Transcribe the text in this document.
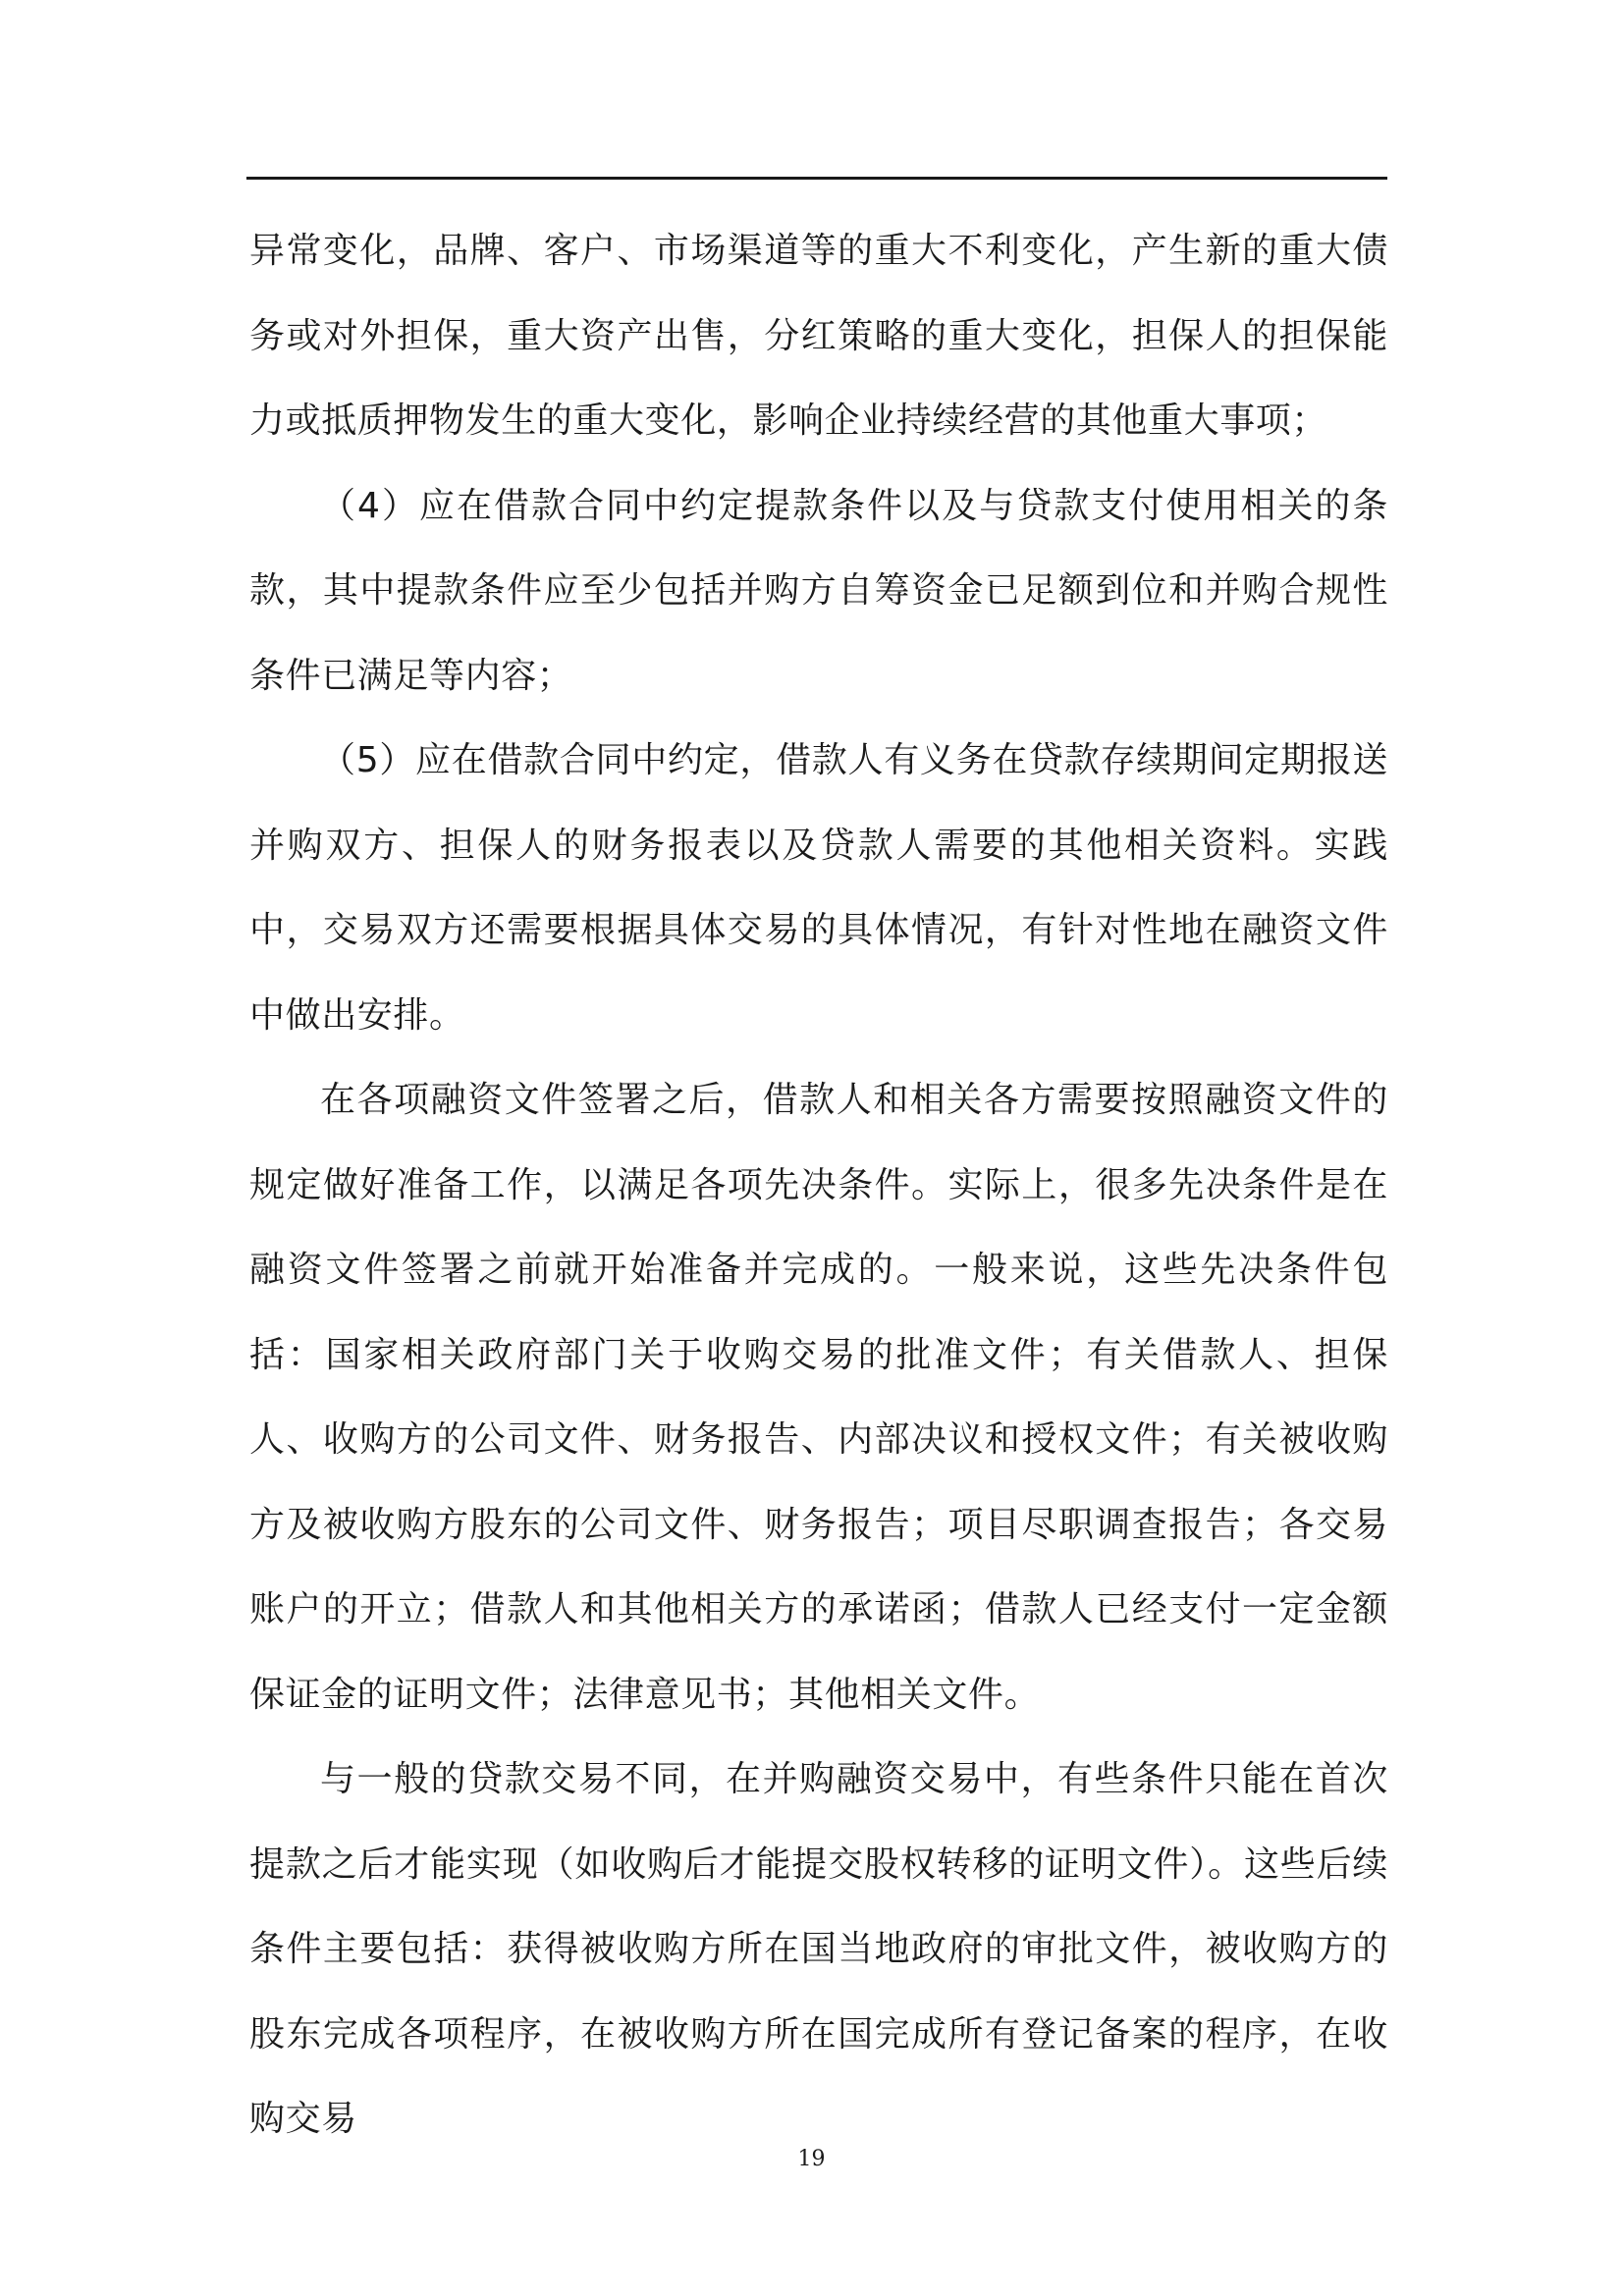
异常变化，品牌、客户、市场渠道等的重大不利变化，产生新的重大债务或对外担保，重大资产出售，分红策略的重大变化，担保人的担保能力或抵质押物发生的重大变化，影响企业持续经营的其他重大事项；

（4）应在借款合同中约定提款条件以及与贷款支付使用相关的条款，其中提款条件应至少包括并购方自筹资金已足额到位和并购合规性条件已满足等内容；

（5）应在借款合同中约定，借款人有义务在贷款存续期间定期报送并购双方、担保人的财务报表以及贷款人需要的其他相关资料。实践中，交易双方还需要根据具体交易的具体情况，有针对性地在融资文件中做出安排。

在各项融资文件签署之后，借款人和相关各方需要按照融资文件的规定做好准备工作，以满足各项先决条件。实际上，很多先决条件是在融资文件签署之前就开始准备并完成的。一般来说，这些先决条件包括：国家相关政府部门关于收购交易的批准文件；有关借款人、担保人、收购方的公司文件、财务报告、内部决议和授权文件；有关被收购方及被收购方股东的公司文件、财务报告；项目尽职调查报告；各交易账户的开立；借款人和其他相关方的承诺函；借款人已经支付一定金额保证金的证明文件；法律意见书；其他相关文件。

与一般的贷款交易不同，在并购融资交易中，有些条件只能在首次提款之后才能实现（如收购后才能提交股权转移的证明文件）。这些后续条件主要包括：获得被收购方所在国当地政府的审批文件，被收购方的股东完成各项程序，在被收购方所在国完成所有登记备案的程序，在收购交易

19
